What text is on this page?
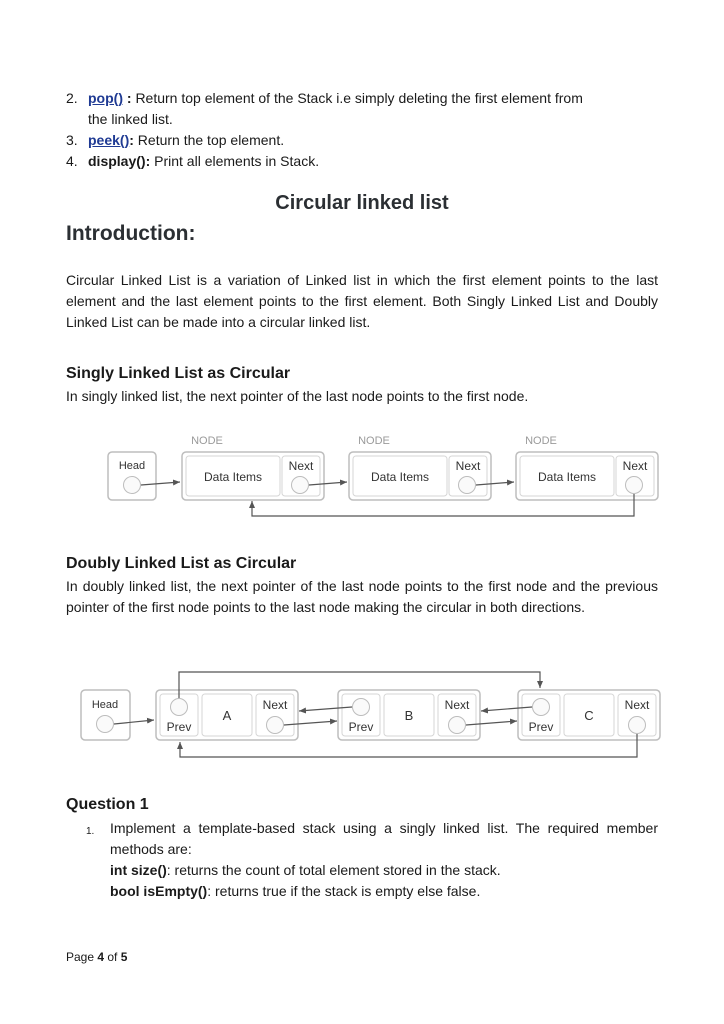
2. pop() : Return top element of the Stack i.e simply deleting the first element from
the linked list.
3. peek(): Return the top element.
4. display(): Print all elements in Stack.
Circular linked list
Introduction:

Circular Linked List is a variation of Linked list in which the first element points to the last element and the last element points to the first element. Both Singly Linked List and Doubly Linked List can be made into a circular linked list.

Singly Linked List as Circular

In singly linked list, the next pointer of the last node points to the first node.

NODE	NODE	NODE
Head
Data Items
Next
Data Items
Next
Data Items
Next
Doubly Linked List as Circular

In doubly linked list, the next pointer of the last node points to the first node and the previous pointer of the first node points to the last node making the circular in both directions.

Head
Prev
A
Next
Prev
B
Next
Prev
C
Next
Question 1
1. Implement a template-based stack using a singly linked list. The required member methods are:
int size(): returns the count of total element stored in the stack.
bool isEmpty(): returns true if the stack is empty else false.
Page 4 of 5
